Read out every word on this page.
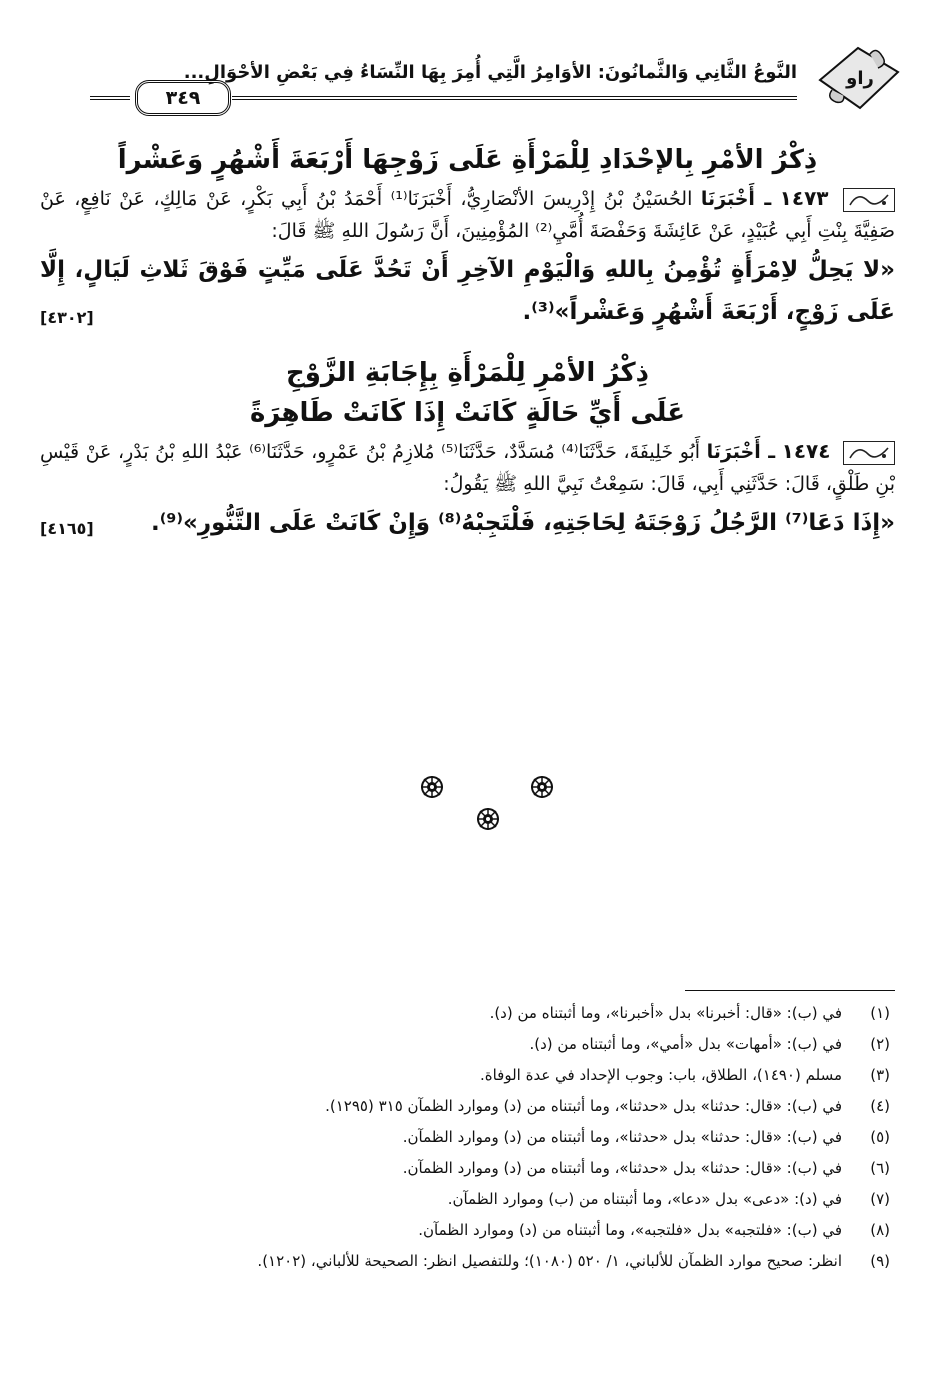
راو
النَّوعُ الثَّانِي وَالثَّمانُونَ: الأوَامِرُ الَّتِي أُمِرَ بِهَا النِّسَاءُ فِي بَعْضِ الأحْوَالِ...
٣٤٩

ذِكْرُ الأمْرِ بِالإحْدَادِ لِلْمَرْأَةِ عَلَى زَوْجِهَا أَرْبَعَةَ أَشْهُرٍ وَعَشْراً

١٤٧٣ ـ أَخْبَرَنَا الحُسَيْنُ بْنُ إِدْرِيسَ الأنْصَارِيُّ، أَخْبَرَنَا⁽¹⁾ أَحْمَدُ بْنُ أَبِي بَكْرٍ، عَنْ مَالِكٍ، عَنْ نَافِعٍ، عَنْ صَفِيَّةَ بِنْتِ أَبِي عُبَيْدٍ، عَنْ عَائِشَةَ وَحَفْصَةَ أُمَّيِ⁽²⁾ المُؤْمِنِينَ، أَنَّ رَسُولَ اللهِ ﷺ قَالَ:

«لا يَحِلُّ لاِمْرَأَةٍ تُؤْمِنُ بِاللهِ وَالْيَوْمِ الآخِرِ أَنْ تَحُدَّ عَلَى مَيِّتٍ فَوْقَ ثَلاثِ لَيَالٍ، إِلَّا عَلَى زَوْجٍ، أَرْبَعَةَ أَشْهُرٍ وَعَشْراً»⁽³⁾.
[٤٣٠٢]

ذِكْرُ الأمْرِ لِلْمَرْأَةِ بِإِجَابَةِ الزَّوْجِ

عَلَى أَيِّ حَالَةٍ كَانَتْ إِذَا كَانَتْ طَاهِرَةً

١٤٧٤ ـ أَخْبَرَنَا أَبُو خَلِيفَةَ، حَدَّثَنَا⁽⁴⁾ مُسَدَّدٌ، حَدَّثَنَا⁽⁵⁾ مُلازِمُ بْنُ عَمْرٍو، حَدَّثَنَا⁽⁶⁾ عَبْدُ اللهِ بْنُ بَدْرٍ، عَنْ قَيْسِ بْنِ طَلْقٍ، قَالَ: حَدَّثَنِي أَبِي، قَالَ: سَمِعْتُ نَبِيَّ اللهِ ﷺ يَقُولُ:

«إِذَا دَعَا⁽⁷⁾ الرَّجُلُ زَوْجَتَهُ لِحَاجَتِهِ، فَلْتَجِبْهُ⁽⁸⁾ وَإِنْ كَانَتْ عَلَى التَّنُّورِ»⁽⁹⁾.
[٤١٦٥]

(١)
في (ب): «قال: أخبرنا» بدل «أخبرنا»، وما أثبتناه من (د).
(٢)
في (ب): «أمهات» بدل «أمي»، وما أثبتناه من (د).
(٣)
مسلم (١٤٩٠)، الطلاق، باب: وجوب الإحداد في عدة الوفاة.
(٤)
في (ب): «قال: حدثنا» بدل «حدثنا»، وما أثبتناه من (د) وموارد الظمآن ٣١٥ (١٢٩٥).
(٥)
في (ب): «قال: حدثنا» بدل «حدثنا»، وما أثبتناه من (د) وموارد الظمآن.
(٦)
في (ب): «قال: حدثنا» بدل «حدثنا»، وما أثبتناه من (د) وموارد الظمآن.
(٧)
في (د): «دعى» بدل «دعا»، وما أثبتناه من (ب) وموارد الظمآن.
(٨)
في (ب): «فلتجبه» بدل «فلتجبه»، وما أثبتناه من (د) وموارد الظمآن.
(٩)
انظر: صحيح موارد الظمآن للألباني، ١/ ٥٢٠ (١٠٨٠)؛ وللتفصيل انظر: الصحيحة للألباني، (١٢٠٢).
